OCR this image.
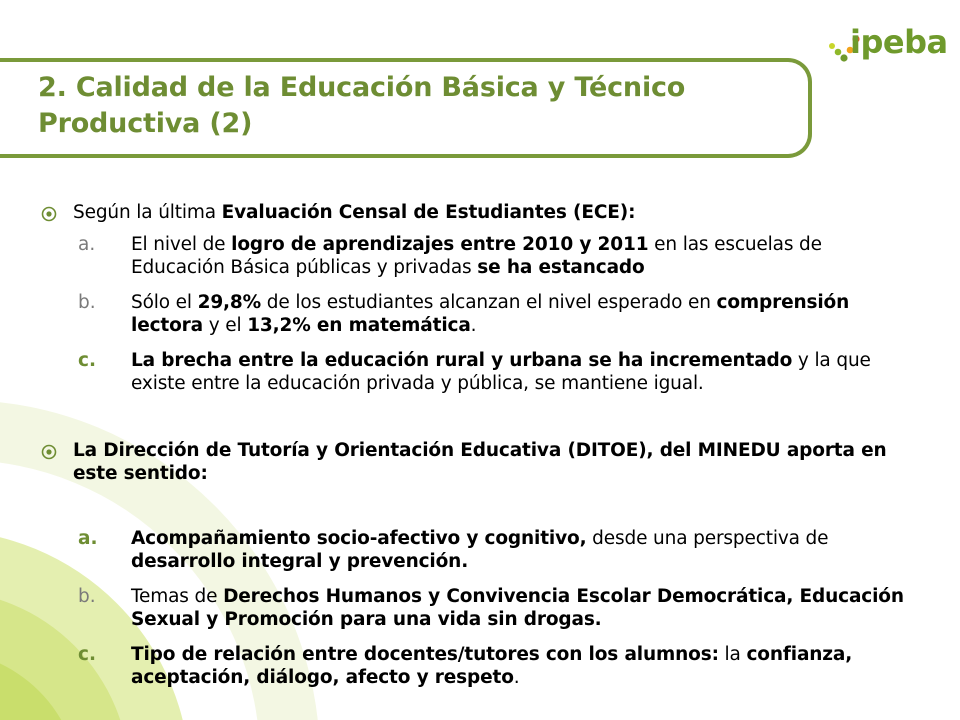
2. Calidad de la Educación Básica y Técnico Productiva (2)
ipeba
Según la última Evaluación Censal de Estudiantes (ECE):
a. El nivel de logro de aprendizajes entre 2010 y 2011 en las escuelas de Educación Básica públicas y privadas se ha estancado
b. Sólo el 29,8% de los estudiantes alcanzan el nivel esperado en comprensión lectora y el 13,2% en matemática.
c. La brecha entre la educación rural y urbana se ha incrementado y la que existe entre la educación privada y pública, se mantiene igual.
La Dirección de Tutoría y Orientación Educativa (DITOE), del MINEDU aporta en este sentido:
a. Acompañamiento socio-afectivo y cognitivo, desde una perspectiva de desarrollo integral y prevención.
b. Temas de Derechos Humanos y Convivencia Escolar Democrática, Educación Sexual y Promoción para una vida sin drogas.
c. Tipo de relación entre docentes/tutores con los alumnos: la confianza, aceptación, diálogo, afecto y respeto.
